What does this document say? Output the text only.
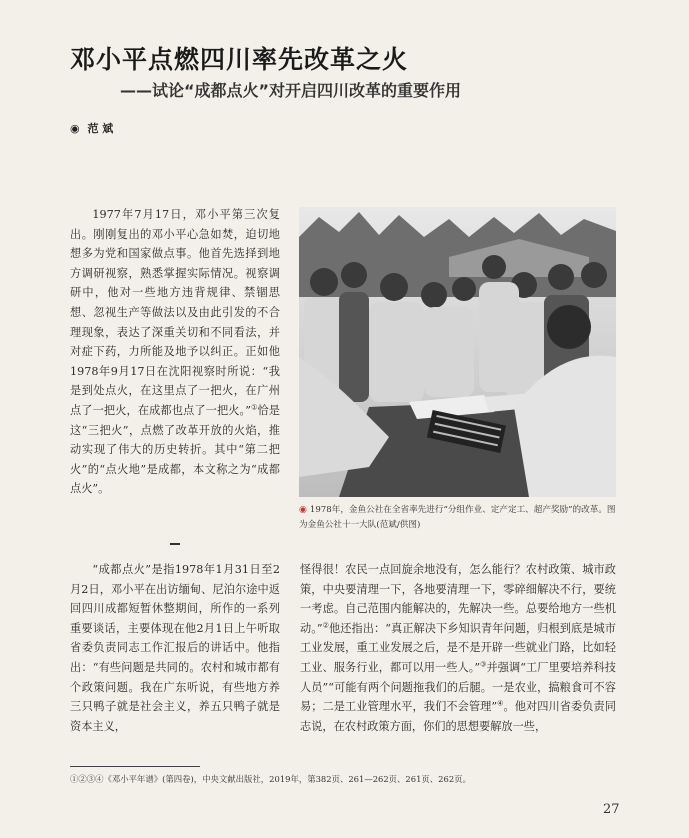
邓小平点燃四川率先改革之火
——试论“成都点火”对开启四川改革的重要作用
◉ 范 斌

1977年7月17日，邓小平第三次复出。刚刚复出的邓小平心急如焚，迫切地想多为党和国家做点事。他首先选择到地方调研视察，熟悉掌握实际情况。视察调研中，他对一些地方违背规律、禁锢思想、忽视生产等做法以及由此引发的不合理现象，表达了深重关切和不同看法，并对症下药，力所能及地予以纠正。正如他1978年9月17日在沈阳视察时所说：“我是到处点火，在这里点了一把火，在广州点了一把火，在成都也点了一把火。”①恰是这“三把火”，点燃了改革开放的火焰，推动实现了伟大的历史转折。其中“第二把火”的“点火地”是成都，本文称之为“成都点火”。

◉ 1978年，金鱼公社在全省率先进行“分组作业、定产定工、超产奖励”的改革。图为金鱼公社十一大队(范斌/供图)

“成都点火”是指1978年1月31日至2月2日，邓小平在出访缅甸、尼泊尔途中返回四川成都短暂休整期间，所作的一系列重要谈话，主要体现在他2月1日上午听取省委负责同志工作汇报后的讲话中。他指出：“有些问题是共同的。农村和城市都有个政策问题。我在广东听说，有些地方养三只鸭子就是社会主义，养五只鸭子就是资本主义，

怪得很！农民一点回旋余地没有，怎么能行？农村政策、城市政策，中央要清理一下，各地要清理一下，零碎细解决不行，要统一考虑。自己范围内能解决的，先解决一些。总要给地方一些机动。”②他还指出：“真正解决下乡知识青年问题，归根到底是城市工业发展，重工业发展之后，是不是开辟一些就业门路，比如轻工业、服务行业，都可以用一些人。”③并强调“工厂里要培养科技人员”“可能有两个问题拖我们的后腿。一是农业，搞粮食可不容易；二是工业管理水平，我们不会管理”④。他对四川省委负责同志说，在农村政策方面，你们的思想要解放一些，

①②③④《邓小平年谱》(第四卷)，中央文献出版社，2019年，第382页、261—262页、261页、262页。
27
